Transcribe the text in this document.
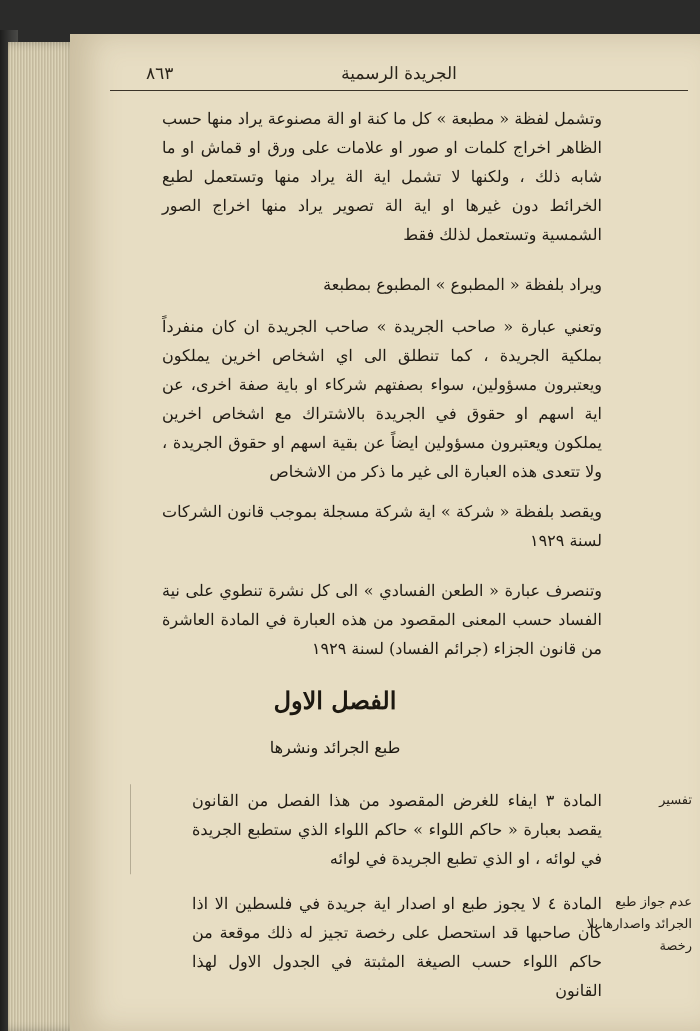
٨٦٣	الجريدة الرسمية

وتشمل لفظة « مطبعة » كل ما كنة او الة مصنوعة يراد منها حسب الظاهر اخراج كلمات او صور او علامات على ورق او قماش او ما شابه ذلك ، ولكنها لا تشمل اية الة يراد منها وتستعمل لطبع الخرائط دون غيرها او اية الة تصوير يراد منها اخراج الصور الشمسية وتستعمل لذلك فقط

ويراد بلفظة « المطبوع » المطبوع بمطبعة

وتعني عبارة « صاحب الجريدة » صاحب الجريدة ان كان منفرداً بملكية الجريدة ، كما تنطلق الى اي اشخاص اخرين يملكون ويعتبرون مسؤولين، سواء بصفتهم شركاء او باية صفة اخرى، عن اية اسهم او حقوق في الجريدة بالاشتراك مع اشخاص اخرين يملكون ويعتبرون مسؤولين ايضاً عن بقية اسهم او حقوق الجريدة ، ولا تتعدى هذه العبارة الى غير ما ذكر من الاشخاص

ويقصد بلفظة « شركة » اية شركة مسجلة بموجب قانون الشركات لسنة ١٩٢٩

وتنصرف عبارة « الطعن الفسادي » الى كل نشرة تنطوي على نية الفساد حسب المعنى المقصود من هذه العبارة في المادة العاشرة من قانون الجزاء (جرائم الفساد) لسنة ١٩٢٩

الفصل الاول
طبع الجرائد ونشرها

المادة ٣ ايفاء للغرض المقصود من هذا الفصل من القانون يقصد بعبارة « حاكم اللواء » حاكم اللواء الذي ستطبع الجريدة في لوائه ، او الذي تطبع الجريدة في لوائه

تفسير

المادة ٤ لا يجوز طبع او اصدار اية جريدة في فلسطين الا اذا كان صاحبها قد استحصل على رخصة تجيز له ذلك موقعة من حاكم اللواء حسب الصيغة المثبتة في الجدول الاول لهذا القانون

عدم جواز طبع الجرائد واصدارها بلا رخصة
